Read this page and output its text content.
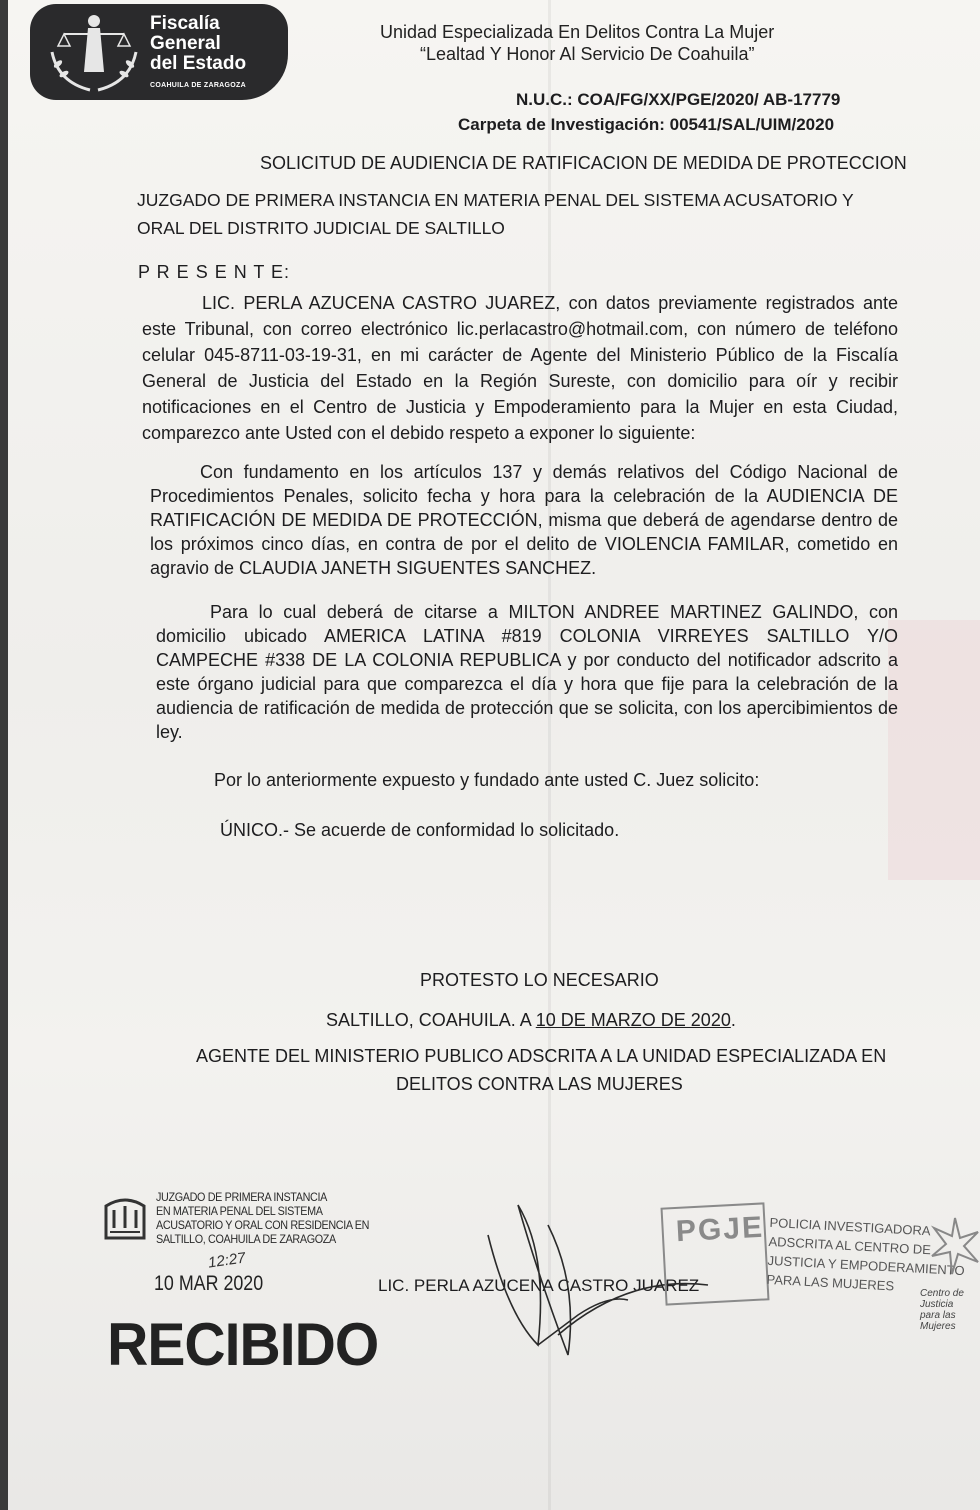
Fiscalía
General
del Estado
COAHUILA DE ZARAGOZA
Unidad Especializada En Delitos Contra La Mujer
“Lealtad Y Honor Al Servicio De Coahuila”
N.U.C.: COA/FG/XX/PGE/2020/ AB-17779
Carpeta de Investigación: 00541/SAL/UIM/2020
SOLICITUD DE AUDIENCIA DE RATIFICACION DE MEDIDA DE PROTECCION
JUZGADO DE PRIMERA INSTANCIA EN MATERIA PENAL DEL SISTEMA ACUSATORIO Y
ORAL DEL DISTRITO JUDICIAL DE SALTILLO
P R E S E N T E:
LIC. PERLA AZUCENA CASTRO JUAREZ, con datos previamente registrados ante este Tribunal, con correo electrónico lic.perlacastro@hotmail.com, con número de teléfono celular 045-8711-03-19-31, en mi carácter de Agente del Ministerio Público de la Fiscalía General de Justicia del Estado en la Región Sureste, con domicilio para oír y recibir notificaciones en el Centro de Justicia y Empoderamiento para la Mujer en esta Ciudad, comparezco ante Usted con el debido respeto a exponer lo siguiente:
Con fundamento en los artículos 137 y demás relativos del Código Nacional de Procedimientos Penales, solicito fecha y hora para la celebración de la AUDIENCIA DE RATIFICACIÓN DE MEDIDA DE PROTECCIÓN, misma que deberá de agendarse dentro de los próximos cinco días, en contra de por el delito de VIOLENCIA FAMILAR, cometido en agravio de CLAUDIA JANETH SIGUENTES SANCHEZ.
Para lo cual deberá de citarse a MILTON ANDREE MARTINEZ GALINDO, con domicilio ubicado AMERICA LATINA #819 COLONIA VIRREYES SALTILLO Y/O CAMPECHE #338 DE LA COLONIA REPUBLICA y por conducto del notificador adscrito a este órgano judicial para que comparezca el día y hora que fije para la celebración de la audiencia de ratificación de medida de protección que se solicita, con los apercibimientos de ley.
Por lo anteriormente expuesto y fundado ante usted C. Juez solicito:
ÚNICO.- Se acuerde de conformidad lo solicitado.
PROTESTO LO NECESARIO
SALTILLO, COAHUILA. A 10 DE MARZO DE 2020.
AGENTE DEL MINISTERIO PUBLICO ADSCRITA A LA UNIDAD ESPECIALIZADA EN
DELITOS CONTRA LAS MUJERES
JUZGADO DE PRIMERA INSTANCIA
EN MATERIA PENAL DEL SISTEMA
ACUSATORIO Y ORAL CON RESIDENCIA EN
SALTILLO, COAHUILA DE ZARAGOZA
12:27
10 MAR 2020
RECIBIDO
LIC. PERLA AZUCENA CASTRO JUAREZ
PGJE POLICIA INVESTIGADORA
ADSCRITA AL CENTRO DE
JUSTICIA Y EMPODERAMIENTO
PARA LAS MUJERES
Centro de Justicia
para las Mujeres
